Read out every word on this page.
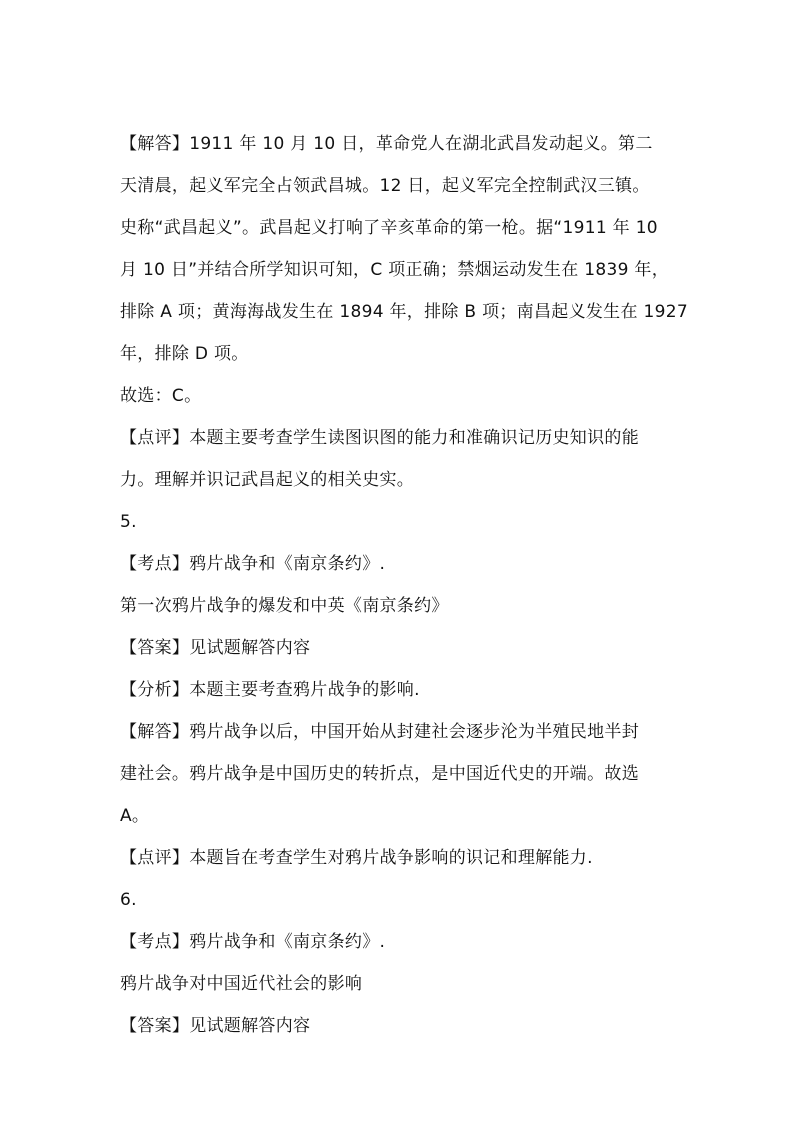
【解答】1911 年 10 月 10 日，革命党人在湖北武昌发动起义。第二
天清晨，起义军完全占领武昌城。12 日，起义军完全控制武汉三镇。
史称“武昌起义”。武昌起义打响了辛亥革命的第一枪。据“1911 年 10
月 10 日”并结合所学知识可知，C 项正确；禁烟运动发生在 1839 年，
排除 A 项；黄海海战发生在 1894 年，排除 B 项；南昌起义发生在 1927
年，排除 D 项。
故选：C。
【点评】本题主要考查学生读图识图的能力和准确识记历史知识的能
力。理解并识记武昌起义的相关史实。
5.
【考点】鸦片战争和《南京条约》.
第一次鸦片战争的爆发和中英《南京条约》
【答案】见试题解答内容
【分析】本题主要考查鸦片战争的影响.
【解答】鸦片战争以后，中国开始从封建社会逐步沦为半殖民地半封
建社会。鸦片战争是中国历史的转折点，是中国近代史的开端。故选
A。
【点评】本题旨在考查学生对鸦片战争影响的识记和理解能力.
6.
【考点】鸦片战争和《南京条约》.
鸦片战争对中国近代社会的影响
【答案】见试题解答内容
